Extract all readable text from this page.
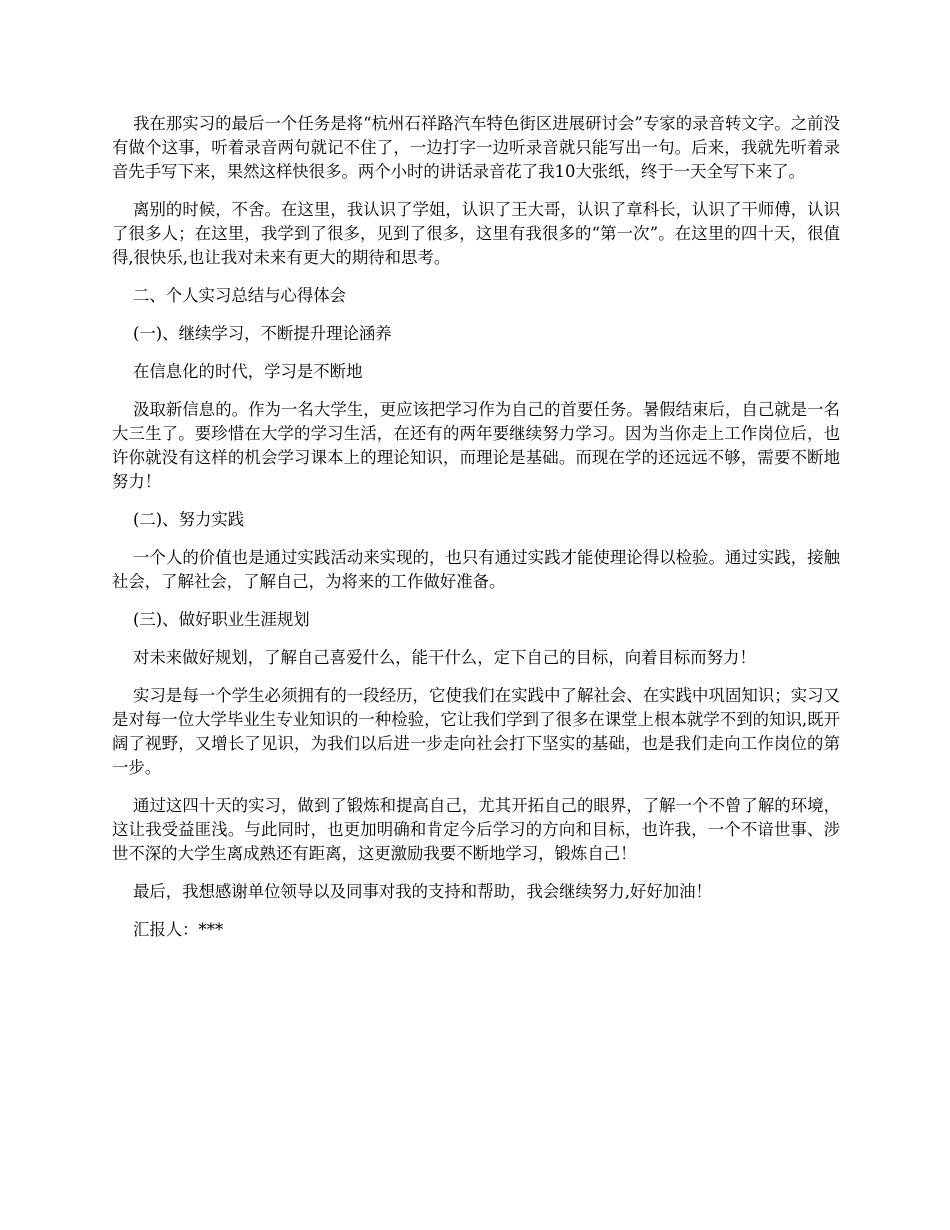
我在那实习的最后一个任务是将“杭州石祥路汽车特色街区进展研讨会”专家的录音转文字。之前没有做个这事，听着录音两句就记不住了，一边打字一边听录音就只能写出一句。后来，我就先听着录音先手写下来，果然这样快很多。两个小时的讲话录音花了我10大张纸，终于一天全写下来了。

离别的时候，不舍。在这里，我认识了学姐，认识了王大哥，认识了章科长，认识了干师傅，认识了很多人；在这里，我学到了很多，见到了很多，这里有我很多的“第一次”。在这里的四十天，很值得,很快乐,也让我对未来有更大的期待和思考。

二、个人实习总结与心得体会

(一)、继续学习，不断提升理论涵养

在信息化的时代，学习是不断地

汲取新信息的。作为一名大学生，更应该把学习作为自己的首要任务。暑假结束后，自己就是一名大三生了。要珍惜在大学的学习生活，在还有的两年要继续努力学习。因为当你走上工作岗位后，也许你就没有这样的机会学习课本上的理论知识，而理论是基础。而现在学的还远远不够，需要不断地努力！

(二)、努力实践

一个人的价值也是通过实践活动来实现的，也只有通过实践才能使理论得以检验。通过实践，接触社会，了解社会，了解自己，为将来的工作做好准备。

(三)、做好职业生涯规划

对未来做好规划，了解自己喜爱什么，能干什么，定下自己的目标，向着目标而努力！

实习是每一个学生必须拥有的一段经历，它使我们在实践中了解社会、在实践中巩固知识；实习又是对每一位大学毕业生专业知识的一种检验，它让我们学到了很多在课堂上根本就学不到的知识,既开阔了视野，又增长了见识，为我们以后进一步走向社会打下坚实的基础，也是我们走向工作岗位的第一步。

通过这四十天的实习，做到了锻炼和提高自己，尤其开拓自己的眼界，了解一个不曾了解的环境，这让我受益匪浅。与此同时，也更加明确和肯定今后学习的方向和目标，也许我，一个不谙世事、涉世不深的大学生离成熟还有距离，这更激励我要不断地学习，锻炼自己！

最后，我想感谢单位领导以及同事对我的支持和帮助，我会继续努力,好好加油！

汇报人：***
